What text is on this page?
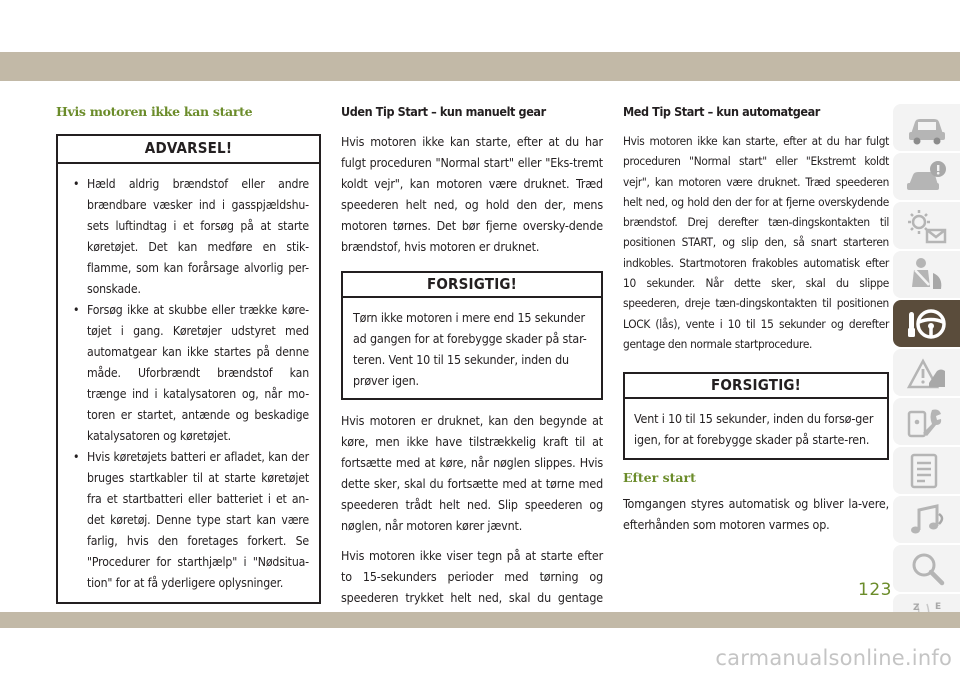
Hvis motoren ikke kan starte
ADVARSEL!
• Hæld aldrig brændstof eller andre brændbare væsker ind i gasspjældshu-sets luftindtag i et forsøg på at starte køretøjet. Det kan medføre en stik-flamme, som kan forårsage alvorlig per-sonskade.
• Forsøg ikke at skubbe eller trække køre-tøjet i gang. Køretøjer udstyret med automatgear kan ikke startes på denne måde. Uforbrændt brændstof kan trænge ind i katalysatoren og, når mo-toren er startet, antænde og beskadige katalysatoren og køretøjet.
• Hvis køretøjets batteri er afladet, kan der bruges startkabler til at starte køretøjet fra et startbatteri eller batteriet i et an-det køretøj. Denne type start kan være farlig, hvis den foretages forkert. Se "Procedurer for starthjælp" i "Nødsitua-tion" for at få yderligere oplysninger.
Uden Tip Start – kun manuelt gear

Hvis motoren ikke kan starte, efter at du har fulgt proceduren "Normal start" eller "Eks-tremt koldt vejr", kan motoren være druknet. Træd speederen helt ned, og hold den der, mens motoren tørnes. Det bør fjerne oversky-dende brændstof, hvis motoren er druknet.

FORSIGTIG!
Tørn ikke motoren i mere end 15 sekunder ad gangen for at forebygge skader på star-teren. Vent 10 til 15 sekunder, inden du prøver igen.

Hvis motoren er druknet, kan den begynde at køre, men ikke have tilstrækkelig kraft til at fortsætte med at køre, når nøglen slippes. Hvis dette sker, skal du fortsætte med at tørne med speederen trådt helt ned. Slip speederen og nøglen, når motoren kører jævnt.

Hvis motoren ikke viser tegn på at starte efter to 15-sekunders perioder med tørning og speederen trykket helt ned, skal du gentage

Med Tip Start – kun automatgear

Hvis motoren ikke kan starte, efter at du har fulgt proceduren "Normal start" eller "Ekstremt koldt vejr", kan motoren være druknet. Træd speederen helt ned, og hold den der for at fjerne overskydende brændstof. Drej derefter tæn-dingskontakten til positionen START, og slip den, så snart starteren indkobles. Startmotoren frakobles automatisk efter 10 sekunder. Når dette sker, skal du slippe speederen, dreje tæn-dingskontakten til positionen LOCK (lås), vente i 10 til 15 sekunder og derefter gentage den normale startprocedure.

FORSIGTIG!
Vent i 10 til 15 sekunder, inden du forsø-ger igen, for at forebygge skader på starte-ren.
Efter start

Tomgangen styres automatisk og bliver la-vere, efterhånden som motoren varmes op.

Z E
123
carmanualsonline.info
